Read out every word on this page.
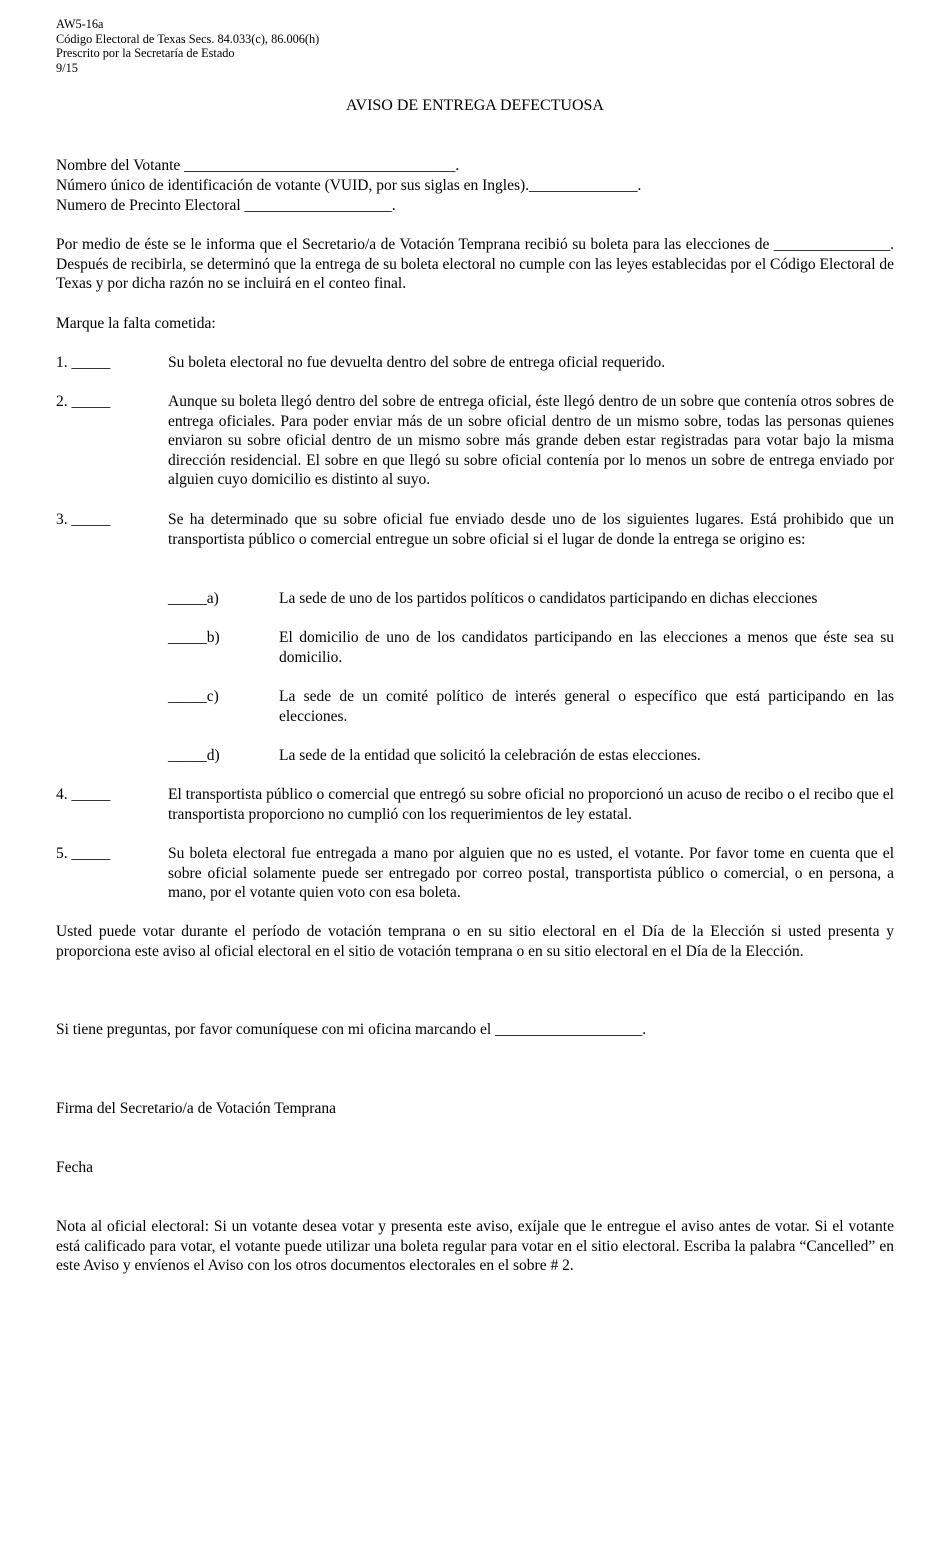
AW5-16a
Código Electoral de Texas Secs. 84.033(c), 86.006(h)
Prescrito por la Secretaría de Estado
9/15
AVISO DE ENTREGA DEFECTUOSA
Nombre del Votante ___________________________________.
Número único de identificación de votante (VUID, por sus siglas en Ingles).______________.
Numero de Precinto Electoral ___________________.
Por medio de éste se le informa que el Secretario/a de Votación Temprana recibió su boleta para las elecciones de _______________. Después de recibirla, se determinó que la entrega de su boleta electoral no cumple con las leyes establecidas por el Código Electoral de Texas y por dicha razón no se incluirá en el conteo final.
Marque la falta cometida:
1. _____	Su boleta electoral no fue devuelta dentro del sobre de entrega oficial requerido.
2. _____	Aunque su boleta llegó dentro del sobre de entrega oficial, éste llegó dentro de un sobre que contenía otros sobres de entrega oficiales. Para poder enviar más de un sobre oficial dentro de un mismo sobre, todas las personas quienes enviaron su sobre oficial dentro de un mismo sobre más grande deben estar registradas para votar bajo la misma dirección residencial. El sobre en que llegó su sobre oficial contenía por lo menos un sobre de entrega enviado por alguien cuyo domicilio es distinto al suyo.
3. _____	Se ha determinado que su sobre oficial fue enviado desde uno de los siguientes lugares. Está prohibido que un transportista público o comercial entregue un sobre oficial si el lugar de donde la entrega se origino es:
_____a)	La sede de uno de los partidos políticos o candidatos participando en dichas elecciones
_____b)	El domicilio de uno de los candidatos participando en las elecciones a menos que éste sea su domicilio.
_____c)	La sede de un comité político de interés general o específico que está participando en las elecciones.
_____d)	La sede de la entidad que solicitó la celebración de estas elecciones.
4. _____	El transportista público o comercial que entregó su sobre oficial no proporcionó un acuso de recibo o el recibo que el transportista proporciono no cumplió con los requerimientos de ley estatal.
5. _____	Su boleta electoral fue entregada a mano por alguien que no es usted, el votante. Por favor tome en cuenta que el sobre oficial solamente puede ser entregado por correo postal, transportista público o comercial, o en persona, a mano, por el votante quien voto con esa boleta.
Usted puede votar durante el período de votación temprana o en su sitio electoral en el Día de la Elección si usted presenta y proporciona este aviso al oficial electoral en el sitio de votación temprana o en su sitio electoral en el Día de la Elección.
Si tiene preguntas, por favor comuníquese con mi oficina marcando el ___________________.
Firma del Secretario/a de Votación Temprana
Fecha
Nota al oficial electoral: Si un votante desea votar y presenta este aviso, exíjale que le entregue el aviso antes de votar. Si el votante está calificado para votar, el votante puede utilizar una boleta regular para votar en el sitio electoral. Escriba la palabra “Cancelled” en este Aviso y envíenos el Aviso con los otros documentos electorales en el sobre # 2.
